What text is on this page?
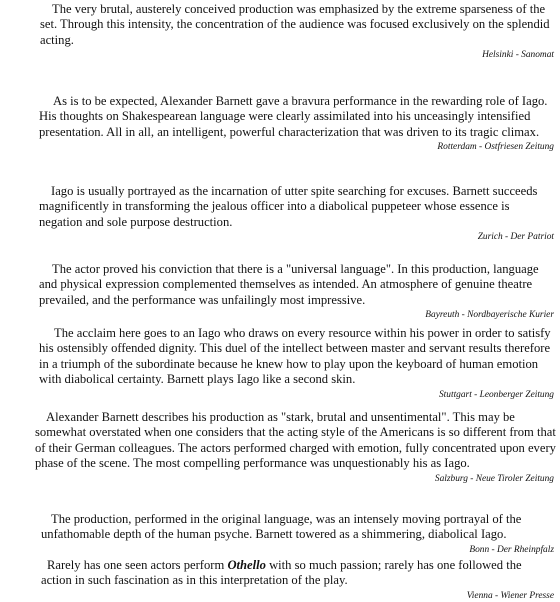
The very brutal, austerely conceived production was emphasized by the extreme sparseness of the set. Through this intensity, the concentration of the audience was focused exclusively on the splendid acting.

Helsinki - Sanomat

As is to be expected, Alexander Barnett gave a bravura performance in the rewarding role of Iago. His thoughts on Shakespearean language were clearly assimilated into his unceasingly intensified presentation. All in all, an intelligent, powerful characterization that was driven to its tragic climax.

Rotterdam - Ostfriesen Zeitung

Iago is usually portrayed as the incarnation of utter spite searching for excuses. Barnett succeeds magnificently in transforming the jealous officer into a diabolical puppeteer whose essence is negation and sole purpose destruction.

Zurich - Der Patriot

The actor proved his conviction that there is a "universal language". In this production, language and physical expression complemented themselves as intended. An atmosphere of genuine theatre prevailed, and the performance was unfailingly most impressive.

Bayreuth - Nordbayerische Kurier

The acclaim here goes to an Iago who draws on every resource within his power in order to satisfy his ostensibly offended dignity. This duel of the intellect between master and servant results therefore in a triumph of the subordinate because he knew how to play upon the keyboard of human emotion with diabolical certainty. Barnett plays Iago like a second skin.

Stuttgart - Leonberger Zeitung

Alexander Barnett describes his production as "stark, brutal and unsentimental". This may be somewhat overstated when one considers that the acting style of the Americans is so different from that of their German colleagues. The actors performed charged with emotion, fully concentrated upon every phase of the scene. The most compelling performance was unquestionably his as Iago.

Salzburg - Neue Tiroler Zeitung

The production, performed in the original language, was an intensely moving portrayal of the unfathomable depth of the human psyche. Barnett towered as a shimmering, diabolical Iago.

Bonn - Der Rheinpfalz

Rarely has one seen actors perform Othello with so much passion; rarely has one followed the action in such fascination as in this interpretation of the play.

Vienna - Wiener Presse
